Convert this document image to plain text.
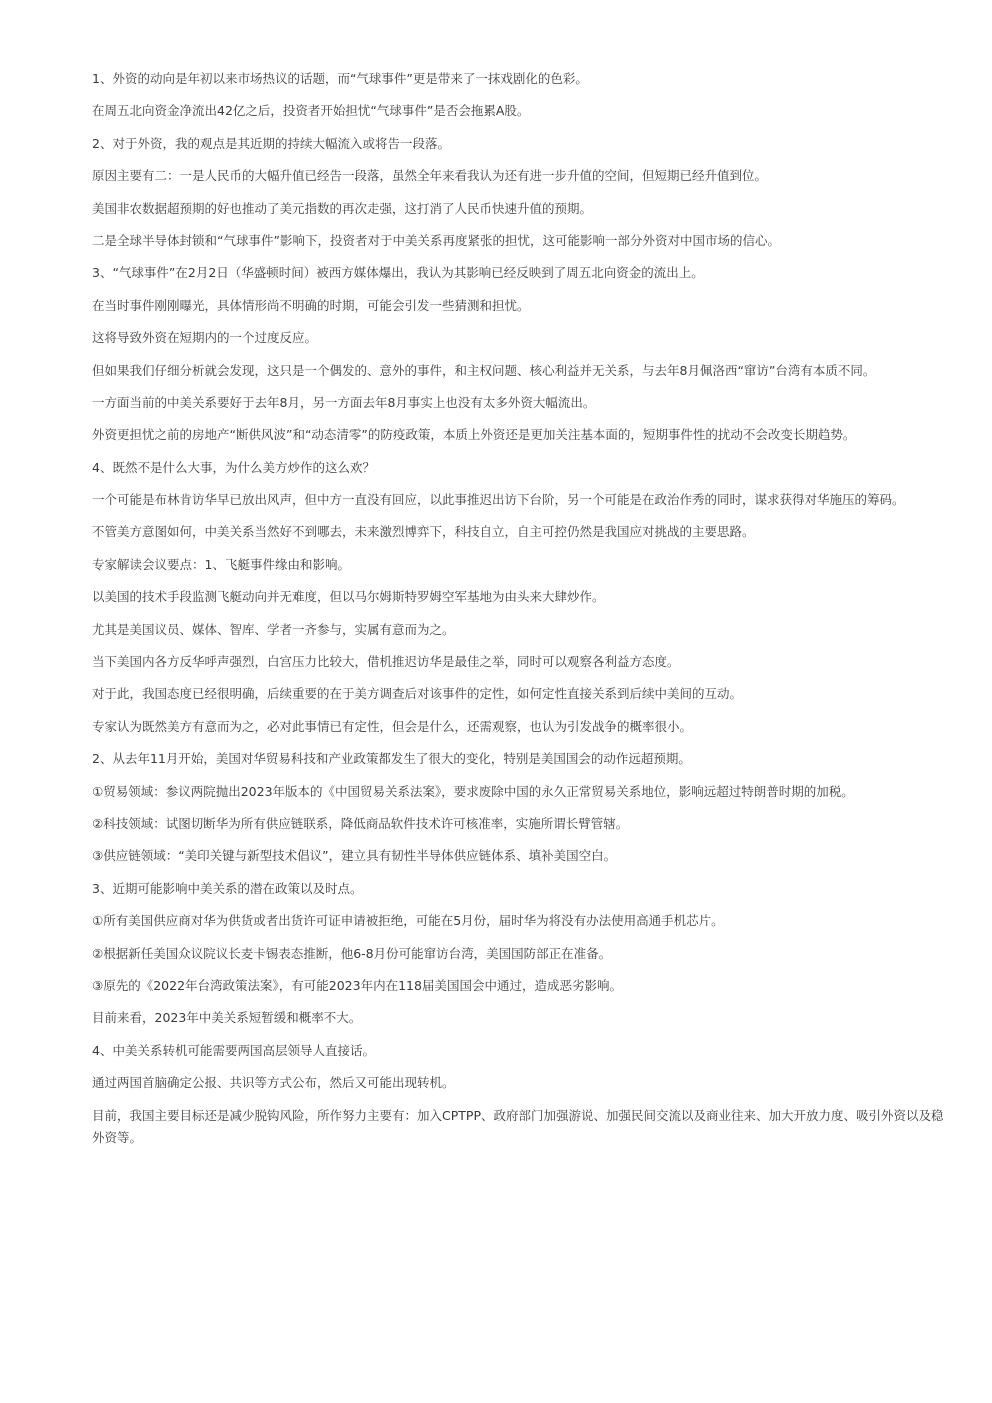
1、外资的动向是年初以来市场热议的话题，而“气球事件”更是带来了一抹戏剧化的色彩。

在周五北向资金净流出42亿之后，投资者开始担忧“气球事件”是否会拖累A股。

2、对于外资，我的观点是其近期的持续大幅流入或将告一段落。

原因主要有二：一是人民币的大幅升值已经告一段落，虽然全年来看我认为还有进一步升值的空间，但短期已经升值到位。

美国非农数据超预期的好也推动了美元指数的再次走强，这打消了人民币快速升值的预期。

二是全球半导体封锁和“气球事件”影响下，投资者对于中美关系再度紧张的担忧，这可能影响一部分外资对中国市场的信心。

3、“气球事件”在2月2日（华盛顿时间）被西方媒体爆出，我认为其影响已经反映到了周五北向资金的流出上。

在当时事件刚刚曝光，具体情形尚不明确的时期，可能会引发一些猜测和担忧。

这将导致外资在短期内的一个过度反应。

但如果我们仔细分析就会发现，这只是一个偶发的、意外的事件，和主权问题、核心利益并无关系，与去年8月佩洛西“窜访”台湾有本质不同。

一方面当前的中美关系要好于去年8月，另一方面去年8月事实上也没有太多外资大幅流出。

外资更担忧之前的房地产“断供风波”和“动态清零”的防疫政策，本质上外资还是更加关注基本面的，短期事件性的扰动不会改变长期趋势。

4、既然不是什么大事，为什么美方炒作的这么欢？

一个可能是布林肯访华早已放出风声，但中方一直没有回应，以此事推迟出访下台阶，另一个可能是在政治作秀的同时，谋求获得对华施压的筹码。

不管美方意图如何，中美关系当然好不到哪去，未来激烈博弈下，科技自立，自主可控仍然是我国应对挑战的主要思路。

专家解读会议要点：1、飞艇事件缘由和影响。

以美国的技术手段监测飞艇动向并无难度，但以马尔姆斯特罗姆空军基地为由头来大肆炒作。

尤其是美国议员、媒体、智库、学者一齐参与，实属有意而为之。

当下美国内各方反华呼声强烈，白宫压力比较大，借机推迟访华是最佳之举，同时可以观察各利益方态度。

对于此，我国态度已经很明确，后续重要的在于美方调查后对该事件的定性，如何定性直接关系到后续中美间的互动。

专家认为既然美方有意而为之，必对此事情已有定性，但会是什么，还需观察，也认为引发战争的概率很小。

2、从去年11月开始，美国对华贸易科技和产业政策都发生了很大的变化，特别是美国国会的动作远超预期。

①贸易领域：参议两院抛出2023年版本的《中国贸易关系法案》，要求废除中国的永久正常贸易关系地位，影响远超过特朗普时期的加税。

②科技领域：试图切断华为所有供应链联系，降低商品软件技术许可核准率，实施所谓长臂管辖。

③供应链领域：“美印关键与新型技术倡议”，建立具有韧性半导体供应链体系、填补美国空白。

3、近期可能影响中美关系的潜在政策以及时点。

①所有美国供应商对华为供货或者出货许可证申请被拒绝，可能在5月份，届时华为将没有办法使用高通手机芯片。

②根据新任美国众议院议长麦卡锡表态推断，他6-8月份可能窜访台湾，美国国防部正在准备。

③原先的《2022年台湾政策法案》，有可能2023年内在118届美国国会中通过，造成恶劣影响。

目前来看，2023年中美关系短暂缓和概率不大。

4、中美关系转机可能需要两国高层领导人直接话。

通过两国首脑确定公报、共识等方式公布，然后又可能出现转机。

目前，我国主要目标还是减少脱钩风险，所作努力主要有：加入CPTPP、政府部门加强游说、加强民间交流以及商业往来、加大开放力度、吸引外资以及稳外资等。
